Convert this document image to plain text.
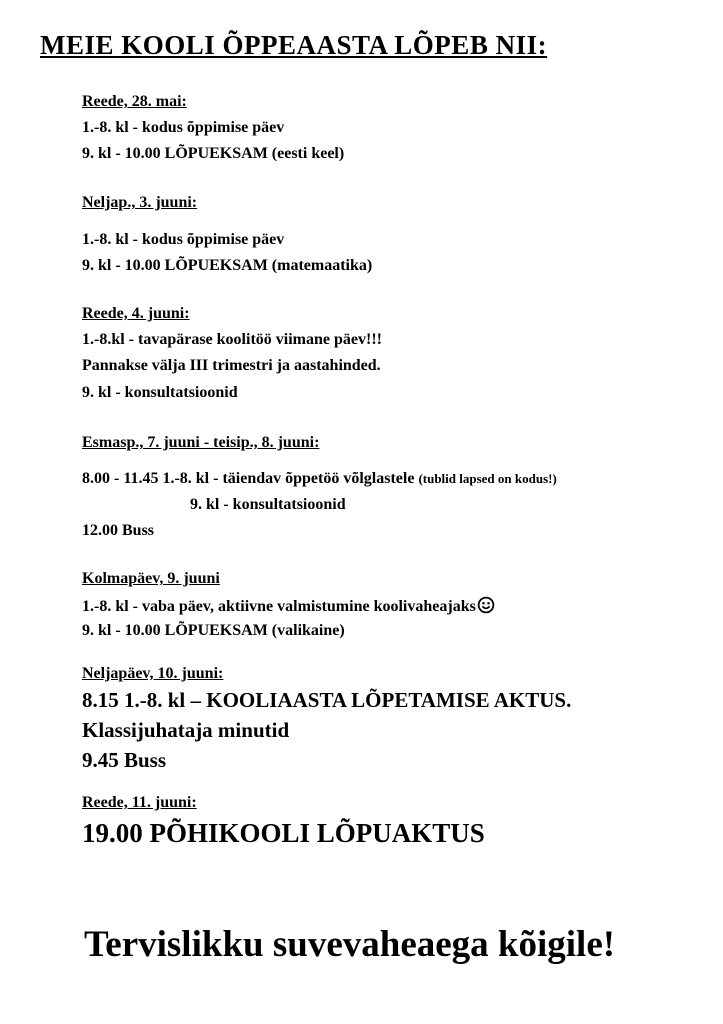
MEIE KOOLI ÕPPEAASTA LÕPEB NII:
Reede, 28. mai:
1.-8. kl - kodus õppimise päev
9. kl - 10.00 LÕPUEKSAM (eesti keel)
Neljap., 3. juuni:
1.-8. kl - kodus õppimise päev
9. kl - 10.00 LÕPUEKSAM (matemaatika)
Reede, 4. juuni:
1.-8.kl - tavapärase koolitöö viimane päev!!!
Pannakse välja III trimestri ja aastahinded.
9. kl - konsultatsioonid
Esmasp., 7. juuni - teisip., 8. juuni:
8.00 - 11.45 1.-8. kl - täiendav õppetöö võlglastele (tublid lapsed on kodus!)
9. kl - konsultatsioonid
12.00 Buss
Kolmapäev, 9. juuni
1.-8. kl - vaba päev, aktiivne valmistumine koolivaheajaks
9. kl - 10.00 LÕPUEKSAM (valikaine)
Neljapäev, 10. juuni:
8.15 1.-8. kl – KOOLIAASTA LÕPETAMISE AKTUS.
Klassijuhataja minutid
9.45 Buss
Reede, 11. juuni:
19.00 PÕHIKOOLI LÕPUAKTUS
Tervislikku suvevaheaega kõigile!
